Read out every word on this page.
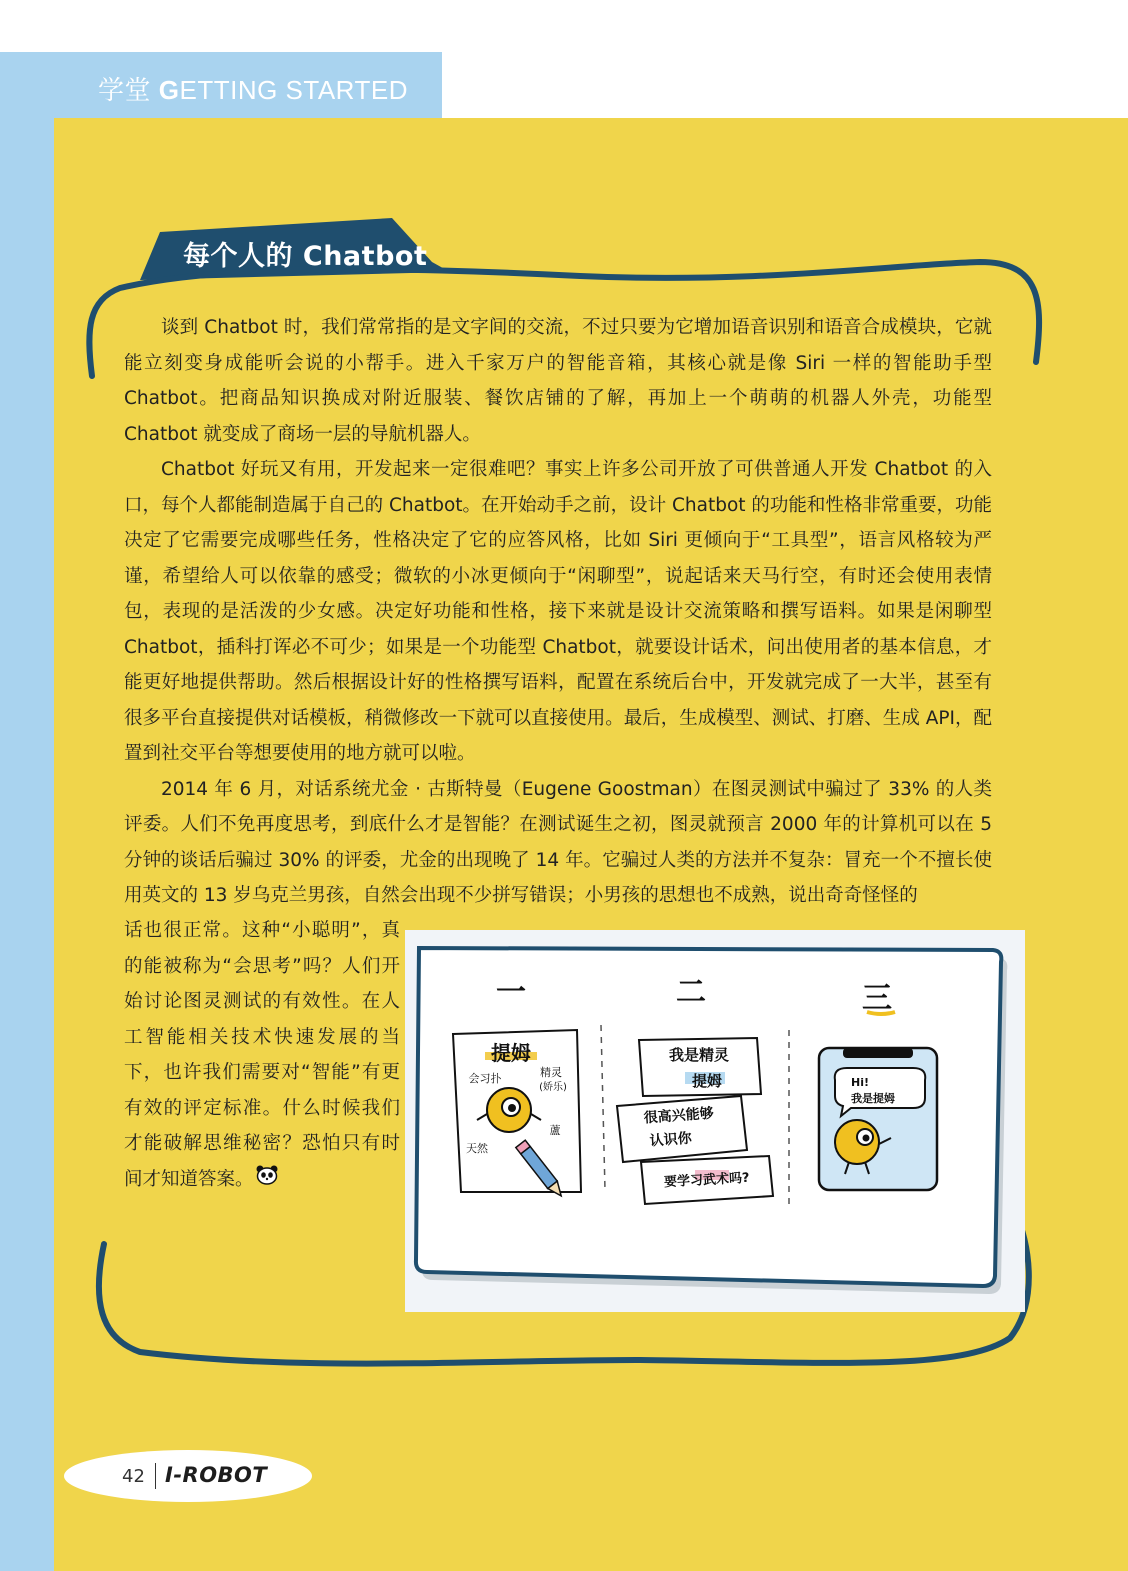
学堂 GETTING STARTED
每个人的 Chatbot

谈到 Chatbot 时，我们常常指的是文字间的交流，不过只要为它增加语音识别和语音合成模块，它就能立刻变身成能听会说的小帮手。进入千家万户的智能音箱，其核心就是像 Siri 一样的智能助手型 Chatbot。把商品知识换成对附近服装、餐饮店铺的了解，再加上一个萌萌的机器人外壳，功能型 Chatbot 就变成了商场一层的导航机器人。

Chatbot 好玩又有用，开发起来一定很难吧？事实上许多公司开放了可供普通人开发 Chatbot 的入口，每个人都能制造属于自己的 Chatbot。在开始动手之前，设计 Chatbot 的功能和性格非常重要，功能决定了它需要完成哪些任务，性格决定了它的应答风格，比如 Siri 更倾向于“工具型”，语言风格较为严谨，希望给人可以依靠的感受；微软的小冰更倾向于“闲聊型”，说起话来天马行空，有时还会使用表情包，表现的是活泼的少女感。决定好功能和性格，接下来就是设计交流策略和撰写语料。如果是闲聊型 Chatbot，插科打诨必不可少；如果是一个功能型 Chatbot，就要设计话术，问出使用者的基本信息，才能更好地提供帮助。然后根据设计好的性格撰写语料，配置在系统后台中，开发就完成了一大半，甚至有很多平台直接提供对话模板，稍微修改一下就可以直接使用。最后，生成模型、测试、打磨、生成 API，配置到社交平台等想要使用的地方就可以啦。

2014 年 6 月，对话系统尤金 · 古斯特曼（Eugene Goostman）在图灵测试中骗过了 33% 的人类评委。人们不免再度思考，到底什么才是智能？在测试诞生之初，图灵就预言 2000 年的计算机可以在 5 分钟的谈话后骗过 30% 的评委，尤金的出现晚了 14 年。它骗过人类的方法并不复杂：冒充一个不擅长使用英文的 13 岁乌克兰男孩，自然会出现不少拼写错误；小男孩的思想也不成熟，说出奇奇怪怪的

话也很正常。这种“小聪明”，真的能被称为“会思考”吗？人们开始讨论图灵测试的有效性。在人工智能相关技术快速发展的当下，也许我们需要对“智能”有更有效的评定标准。什么时候我们才能破解思维秘密？恐怕只有时间才知道答案。
一	二	三
提姆
会习扑	精灵
(娇乐)
天然
蘆
我是精灵
提姆
很高兴能够
认识你
要学习武术吗?
Hi!
我是提姆
42 I-ROBOT
